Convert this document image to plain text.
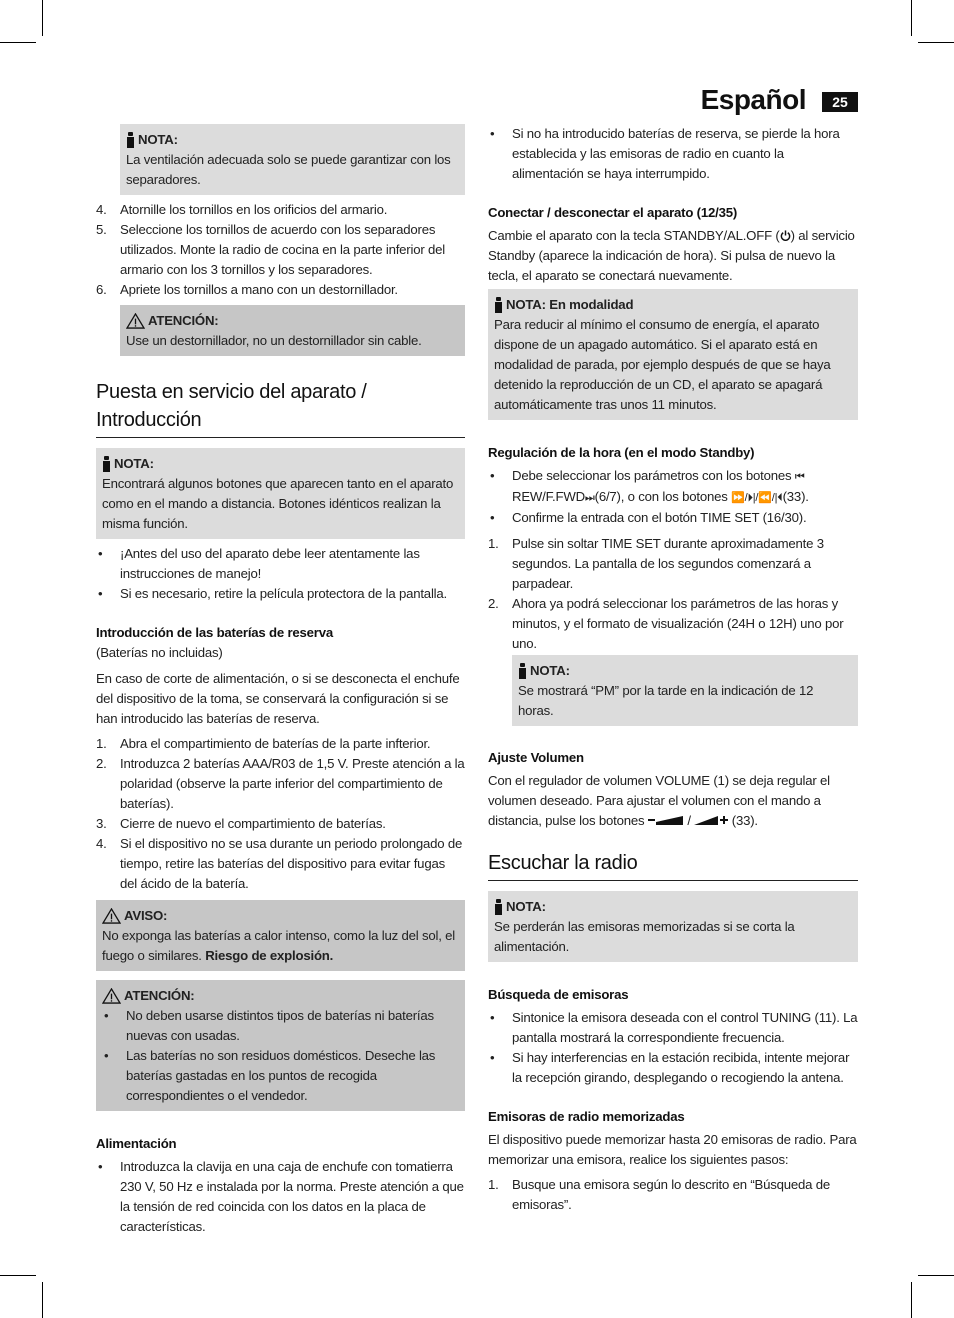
Español	25
NOTA:

La ventilación adecuada solo se puede garantizar con los separadores.

4. Atornille los tornillos en los orificios del armario.
5. Seleccione los tornillos de acuerdo con los separadores utilizados. Monte la radio de cocina en la parte inferior del armario con los 3 tornillos y los separadores.
6. Apriete los tornillos a mano con un destornillador.
ATENCIÓN:

Use un destornillador, no un destornillador sin cable.

Puesta en servicio del aparato /
Introducción
NOTA:

Encontrará algunos botones que aparecen tanto en el aparato como en el mando a distancia. Botones idénticos realizan la misma función.

• ¡Antes del uso del aparato debe leer atentamente las instrucciones de manejo!
• Si es necesario, retire la película protectora de la pantalla.

Introducción de las baterías de reserva

(Baterías no incluidas)

En caso de corte de alimentación, o si se desconecta el enchufe del dispositivo de la toma, se conservará la configuración si se han introducido las baterías de reserva.

1. Abra el compartimiento de baterías de la parte infterior.
2. Introduzca 2 baterías AAA/R03 de 1,5 V. Preste atención a la polaridad (observe la parte inferior del compartimiento de baterías).
3. Cierre de nuevo el compartimiento de baterías.
4. Si el dispositivo no se usa durante un periodo prolongado de tiempo, retire las baterías del dispositivo para evitar fugas del ácido de la batería.
AVISO:

No exponga las baterías a calor intenso, como la luz del sol, el fuego o similares. Riesgo de explosión.

ATENCIÓN:
• No deben usarse distintos tipos de baterías ni baterías nuevas con usadas.
• Las baterías no son residuos domésticos. Deseche las baterías gastadas en los puntos de recogida correspondientes o el vendedor.

Alimentación

• Introduzca la clavija en una caja de enchufe con tomatierra 230 V, 50 Hz e instalada por la norma. Preste atención a que la tensión de red coincida con los datos en la placa de características.
• Si no ha introducido baterías de reserva, se pierde la hora establecida y las emisoras de radio en cuanto la alimentación se haya interrumpido.

Conectar / desconectar el aparato (12/35)

Cambie el aparato con la tecla STANDBY/AL.OFF ( ) al servicio Standby (aparece la indicación de hora). Si pulsa de nuevo la tecla, el aparato se conectará nuevamente.

NOTA: En modalidad

Para reducir al mínimo el consumo de energía, el aparato dispone de un apagado automático. Si el aparato está en modalidad de parada, por ejemplo después de que se haya detenido la reproducción de un CD, el aparato se apagará automáticamente tras unos 11 minutos.

Regulación de la hora (en el modo Standby)

• Debe seleccionar los parámetros con los botones ⏮
REW/F.FWD⏭(6/7), o con los botones ⏩/⏵|/⏪/|⏴(33).
• Confirme la entrada con el botón TIME SET (16/30).
1. Pulse sin soltar TIME SET durante aproximadamente 3 segundos. La pantalla de los segundos comenzará a parpadear.
2. Ahora ya podrá seleccionar los parámetros de las horas y minutos, y el formato de visualización (24H o 12H) uno por uno.
NOTA:

Se mostrará “PM” por la tarde en la indicación de 12 horas.

Ajuste Volumen

Con el regulador de volumen VOLUME (1) se deja regular el volumen deseado. Para ajustar el volumen con el mando a distancia, pulse los botones	/	(33).

Escuchar la radio
NOTA:

Se perderán las emisoras memorizadas si se corta la alimentación.

Búsqueda de emisoras

• Sintonice la emisora deseada con el control TUNING (11). La pantalla mostrará la correspondiente frecuencia.
• Si hay interferencias en la estación recibida, intente mejorar la recepción girando, desplegando o recogiendo la antena.

Emisoras de radio memorizadas

El dispositivo puede memorizar hasta 20 emisoras de radio. Para memorizar una emisora, realice los siguientes pasos:

1. Busque una emisora según lo descrito en “Búsqueda de emisoras”.
